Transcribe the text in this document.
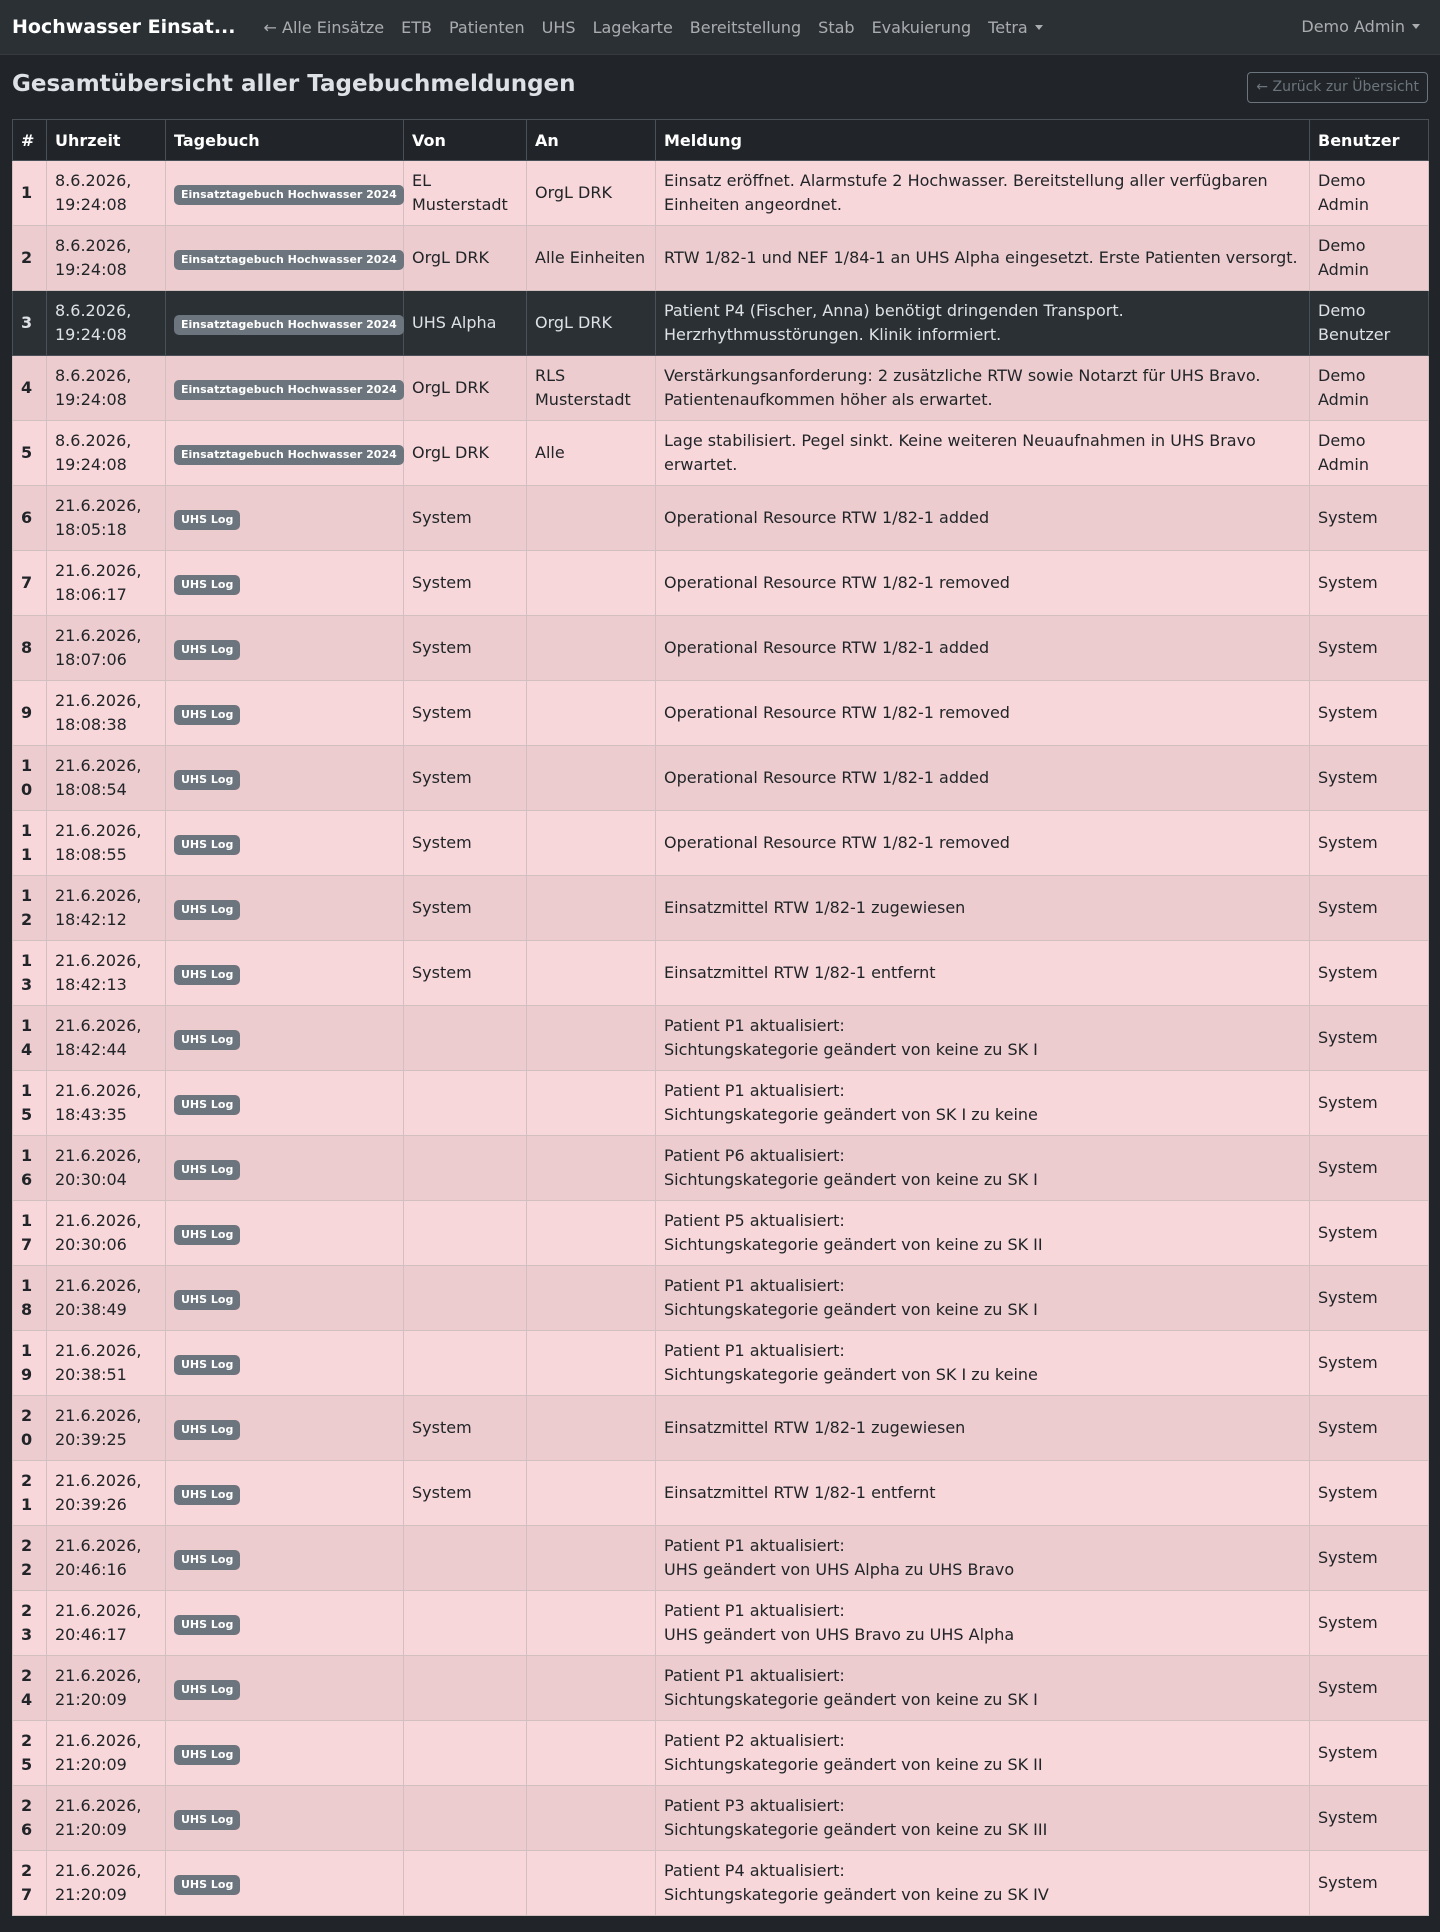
Hochwasser Einsat... ← Alle Einsätze ETB Patienten UHS Lagekarte Bereitstellung Stab Evakuierung Tetra	Demo Admin
Gesamtübersicht aller Tagebuchmeldungen	← Zurück zur Übersicht
#	Uhrzeit	Tagebuch	Von	An	Meldung	Benutzer
1	8.6.2026,
19:24:08	Einsatztagebuch Hochwasser 2024	EL Musterstadt	OrgL DRK	Einsatz eröffnet. Alarmstufe 2 Hochwasser. Bereitstellung aller verfügbaren Einheiten angeordnet.	Demo Admin
2	8.6.2026,
19:24:08	Einsatztagebuch Hochwasser 2024	OrgL DRK	Alle Einheiten	RTW 1/82-1 und NEF 1/84-1 an UHS Alpha eingesetzt. Erste Patienten versorgt.	Demo Admin
3	8.6.2026,
19:24:08	Einsatztagebuch Hochwasser 2024	UHS Alpha	OrgL DRK	Patient P4 (Fischer, Anna) benötigt dringenden Transport. Herzrhythmusstörungen. Klinik informiert.	Demo Benutzer
4	8.6.2026,
19:24:08	Einsatztagebuch Hochwasser 2024	OrgL DRK	RLS Musterstadt	Verstärkungsanforderung: 2 zusätzliche RTW sowie Notarzt für UHS Bravo. Patientenaufkommen höher als erwartet.	Demo Admin
5	8.6.2026,
19:24:08	Einsatztagebuch Hochwasser 2024	OrgL DRK	Alle	Lage stabilisiert. Pegel sinkt. Keine weiteren Neuaufnahmen in UHS Bravo erwartet.	Demo Admin
6	21.6.2026,
18:05:18	UHS Log	System		Operational Resource RTW 1/82-1 added	System
7	21.6.2026,
18:06:17	UHS Log	System		Operational Resource RTW 1/82-1 removed	System
8	21.6.2026,
18:07:06	UHS Log	System		Operational Resource RTW 1/82-1 added	System
9	21.6.2026,
18:08:38	UHS Log	System		Operational Resource RTW 1/82-1 removed	System
10	21.6.2026,
18:08:54	UHS Log	System		Operational Resource RTW 1/82-1 added	System
11	21.6.2026,
18:08:55	UHS Log	System		Operational Resource RTW 1/82-1 removed	System
12	21.6.2026,
18:42:12	UHS Log	System		Einsatzmittel RTW 1/82-1 zugewiesen	System
13	21.6.2026,
18:42:13	UHS Log	System		Einsatzmittel RTW 1/82-1 entfernt	System
14	21.6.2026,
18:42:44	UHS Log			Patient P1 aktualisiert:
Sichtungskategorie geändert von keine zu SK I	System
15	21.6.2026,
18:43:35	UHS Log			Patient P1 aktualisiert:
Sichtungskategorie geändert von SK I zu keine	System
16	21.6.2026,
20:30:04	UHS Log			Patient P6 aktualisiert:
Sichtungskategorie geändert von keine zu SK I	System
17	21.6.2026,
20:30:06	UHS Log			Patient P5 aktualisiert:
Sichtungskategorie geändert von keine zu SK II	System
18	21.6.2026,
20:38:49	UHS Log			Patient P1 aktualisiert:
Sichtungskategorie geändert von keine zu SK I	System
19	21.6.2026,
20:38:51	UHS Log			Patient P1 aktualisiert:
Sichtungskategorie geändert von SK I zu keine	System
20	21.6.2026,
20:39:25	UHS Log	System		Einsatzmittel RTW 1/82-1 zugewiesen	System
21	21.6.2026,
20:39:26	UHS Log	System		Einsatzmittel RTW 1/82-1 entfernt	System
22	21.6.2026,
20:46:16	UHS Log			Patient P1 aktualisiert:
UHS geändert von UHS Alpha zu UHS Bravo	System
23	21.6.2026,
20:46:17	UHS Log			Patient P1 aktualisiert:
UHS geändert von UHS Bravo zu UHS Alpha	System
24	21.6.2026,
21:20:09	UHS Log			Patient P1 aktualisiert:
Sichtungskategorie geändert von keine zu SK I	System
25	21.6.2026,
21:20:09	UHS Log			Patient P2 aktualisiert:
Sichtungskategorie geändert von keine zu SK II	System
26	21.6.2026,
21:20:09	UHS Log			Patient P3 aktualisiert:
Sichtungskategorie geändert von keine zu SK III	System
27	21.6.2026,
21:20:09	UHS Log			Patient P4 aktualisiert:
Sichtungskategorie geändert von keine zu SK IV	System
